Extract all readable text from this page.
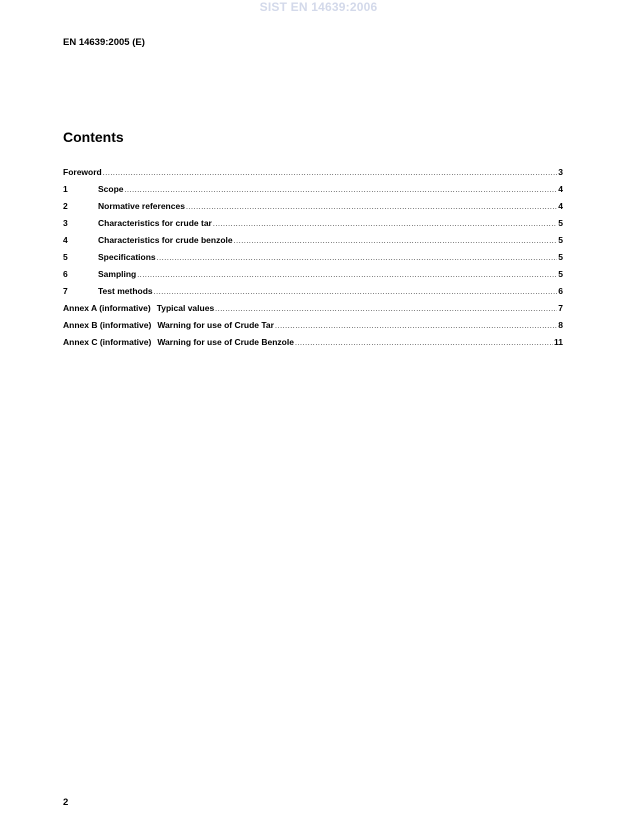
SIST EN 14639:2006
EN 14639:2005 (E)
Contents
Foreword .....	3
1	Scope .....	4
2	Normative references .....	4
3	Characteristics for crude tar .....	5
4	Characteristics for crude benzole .....	5
5	Specifications .....	5
6	Sampling .....	5
7	Test methods .....	6
Annex A (informative) Typical values .....	7
Annex B (informative) Warning for use of Crude Tar .....	8
Annex C (informative) Warning for use of Crude Benzole .....	11
2
